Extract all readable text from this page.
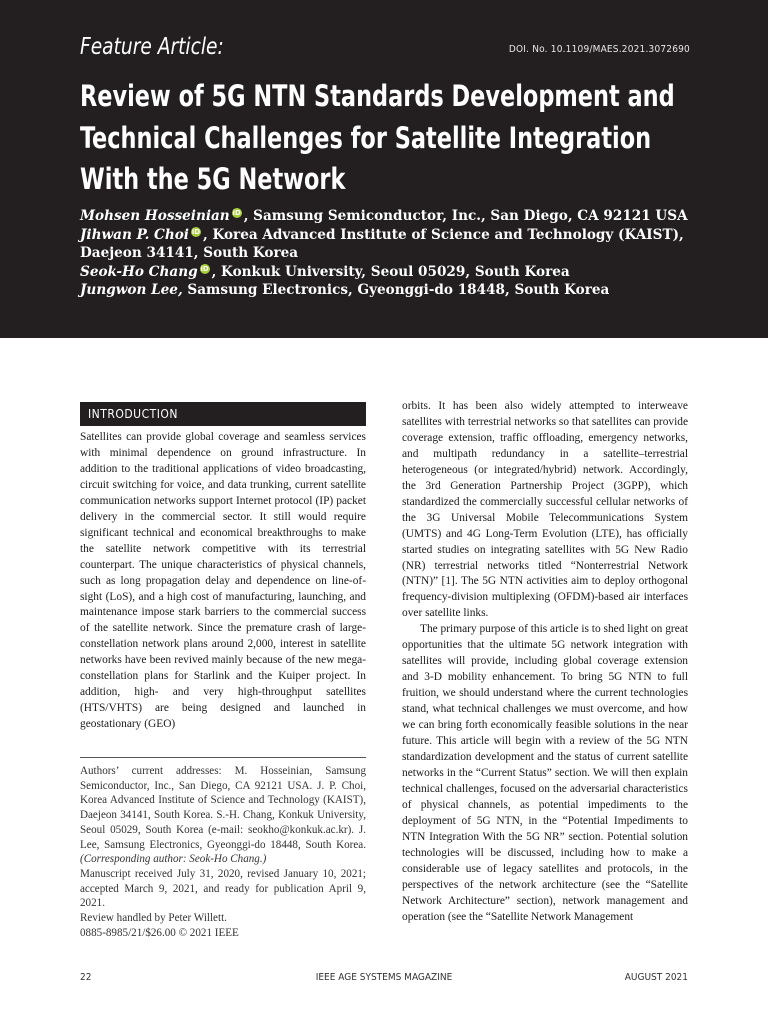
Feature Article:	DOI. No. 10.1109/MAES.2021.3072690
Review of 5G NTN Standards Development and Technical Challenges for Satellite Integration With the 5G Network
Mohsen Hosseinian iD , Samsung Semiconductor, Inc., San Diego, CA 92121 USA
Jihwan P. Choi iD , Korea Advanced Institute of Science and Technology (KAIST), Daejeon 34141, South Korea
Seok-Ho Chang iD , Konkuk University, Seoul 05029, South Korea
Jungwon Lee, Samsung Electronics, Gyeonggi-do 18448, South Korea
INTRODUCTION

Satellites can provide global coverage and seamless services with minimal dependence on ground infrastructure. In addition to the traditional applications of video broadcasting, circuit switching for voice, and data trunking, current satellite communication networks support Internet protocol (IP) packet delivery in the commercial sector. It still would require significant technical and economical breakthroughs to make the satellite network competitive with its terrestrial counterpart. The unique characteristics of physical channels, such as long propagation delay and dependence on line-of-sight (LoS), and a high cost of manufacturing, launching, and maintenance impose stark barriers to the commercial success of the satellite network. Since the premature crash of large-constellation network plans around 2,000, interest in satellite networks have been revived mainly because of the new mega-constellation plans for Starlink and the Kuiper project. In addition, high- and very high-throughput satellites (HTS/VHTS) are being designed and launched in geostationary (GEO)

Authors’ current addresses: M. Hosseinian, Samsung Semiconductor, Inc., San Diego, CA 92121 USA. J. P. Choi, Korea Advanced Institute of Science and Technology (KAIST), Daejeon 34141, South Korea. S.-H. Chang, Konkuk University, Seoul 05029, South Korea (e-mail: seokho@konkuk.ac.kr). J. Lee, Samsung Electronics, Gyeonggi-do 18448, South Korea. (Corresponding author: Seok-Ho Chang.)

Manuscript received July 31, 2020, revised January 10, 2021; accepted March 9, 2021, and ready for publication April 9, 2021.

Review handled by Peter Willett.

0885-8985/21/$26.00 © 2021 IEEE

orbits. It has been also widely attempted to interweave satellites with terrestrial networks so that satellites can provide coverage extension, traffic offloading, emergency networks, and multipath redundancy in a satellite–terrestrial heterogeneous (or integrated/hybrid) network. Accordingly, the 3rd Generation Partnership Project (3GPP), which standardized the commercially successful cellular networks of the 3G Universal Mobile Telecommunications System (UMTS) and 4G Long-Term Evolution (LTE), has officially started studies on integrating satellites with 5G New Radio (NR) terrestrial networks titled “Nonterrestrial Network (NTN)” [1]. The 5G NTN activities aim to deploy orthogonal frequency-division multiplexing (OFDM)-based air interfaces over satellite links.

The primary purpose of this article is to shed light on great opportunities that the ultimate 5G network integration with satellites will provide, including global coverage extension and 3-D mobility enhancement. To bring 5G NTN to full fruition, we should understand where the current technologies stand, what technical challenges we must overcome, and how we can bring forth economically feasible solutions in the near future. This article will begin with a review of the 5G NTN standardization development and the status of current satellite networks in the “Current Status” section. We will then explain technical challenges, focused on the adversarial characteristics of physical channels, as potential impediments to the deployment of 5G NTN, in the “Potential Impediments to NTN Integration With the 5G NR” section. Potential solution technologies will be discussed, including how to make a considerable use of legacy satellites and protocols, in the perspectives of the network architecture (see the “Satellite Network Architecture” section), network management and operation (see the “Satellite Network Management

22	IEEE AGE SYSTEMS MAGAZINE	AUGUST 2021
